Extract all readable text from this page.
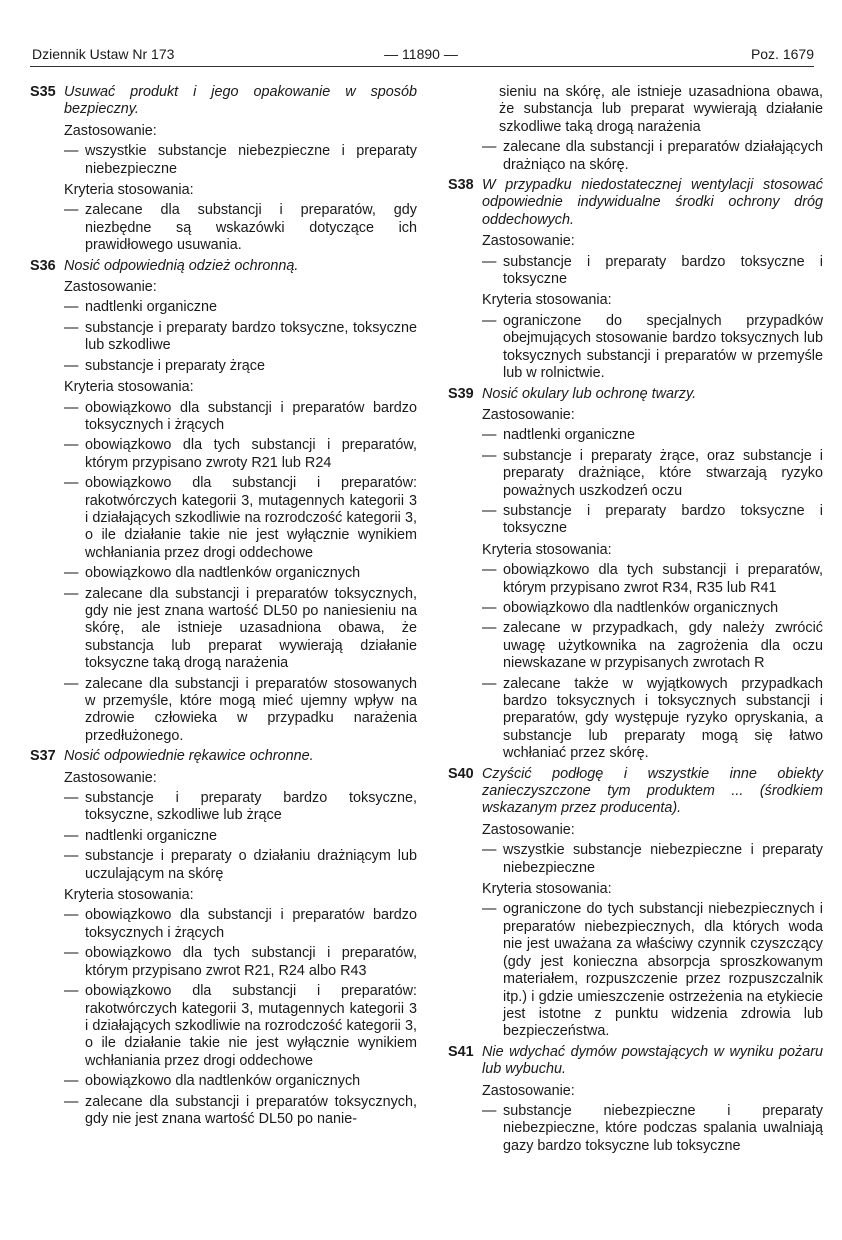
Dziennik Ustaw Nr 173	— 11890 —	Poz. 1679
S35 Usuwać produkt i jego opakowanie w sposób bezpieczny.
Zastosowanie:
— wszystkie substancje niebezpieczne i preparaty niebezpieczne
Kryteria stosowania:
— zalecane dla substancji i preparatów, gdy niezbędne są wskazówki dotyczące ich prawidłowego usuwania.
S36 Nosić odpowiednią odzież ochronną.
Zastosowanie:
— nadtlenki organiczne
— substancje i preparaty bardzo toksyczne, toksyczne lub szkodliwe
— substancje i preparaty żrące
Kryteria stosowania:
— obowiązkowo dla substancji i preparatów bardzo toksycznych i żrących
— obowiązkowo dla tych substancji i preparatów, którym przypisano zwroty R21 lub R24
— obowiązkowo dla substancji i preparatów: rakotwórczych kategorii 3, mutagennych kategorii 3 i działających szkodliwie na rozrodczość kategorii 3, o ile działanie takie nie jest wyłącznie wynikiem wchłaniania przez drogi oddechowe
— obowiązkowo dla nadtlenków organicznych
— zalecane dla substancji i preparatów toksycznych, gdy nie jest znana wartość DL50 po naniesieniu na skórę, ale istnieje uzasadniona obawa, że substancja lub preparat wywierają działanie toksyczne taką drogą narażenia
— zalecane dla substancji i preparatów stosowanych w przemyśle, które mogą mieć ujemny wpływ na zdrowie człowieka w przypadku narażenia przedłużonego.
S37 Nosić odpowiednie rękawice ochronne.
Zastosowanie:
— substancje i preparaty bardzo toksyczne, toksyczne, szkodliwe lub żrące
— nadtlenki organiczne
— substancje i preparaty o działaniu drażniącym lub uczulającym na skórę
Kryteria stosowania:
— obowiązkowo dla substancji i preparatów bardzo toksycznych i żrących
— obowiązkowo dla tych substancji i preparatów, którym przypisano zwrot R21, R24 albo R43
— obowiązkowo dla substancji i preparatów: rakotwórczych kategorii 3, mutagennych kategorii 3 i działających szkodliwie na rozrodczość kategorii 3, o ile działanie takie nie jest wyłącznie wynikiem wchłaniania przez drogi oddechowe
— obowiązkowo dla nadtlenków organicznych
— zalecane dla substancji i preparatów toksycznych, gdy nie jest znana wartość DL50 po nanie-
sieniu na skórę, ale istnieje uzasadniona obawa, że substancja lub preparat wywierają działanie szkodliwe taką drogą narażenia
— zalecane dla substancji i preparatów działających drażniąco na skórę.
S38 W przypadku niedostatecznej wentylacji stosować odpowiednie indywidualne środki ochrony dróg oddechowych.
Zastosowanie:
— substancje i preparaty bardzo toksyczne i toksyczne
Kryteria stosowania:
— ograniczone do specjalnych przypadków obejmujących stosowanie bardzo toksycznych lub toksycznych substancji i preparatów w przemyśle lub w rolnictwie.
S39 Nosić okulary lub ochronę twarzy.
Zastosowanie:
— nadtlenki organiczne
— substancje i preparaty żrące, oraz substancje i preparaty drażniące, które stwarzają ryzyko poważnych uszkodzeń oczu
— substancje i preparaty bardzo toksyczne i toksyczne
Kryteria stosowania:
— obowiązkowo dla tych substancji i preparatów, którym przypisano zwrot R34, R35 lub R41
— obowiązkowo dla nadtlenków organicznych
— zalecane w przypadkach, gdy należy zwrócić uwagę użytkownika na zagrożenia dla oczu niewskazane w przypisanych zwrotach R
— zalecane także w wyjątkowych przypadkach bardzo toksycznych i toksycznych substancji i preparatów, gdy występuje ryzyko opryskania, a substancje lub preparaty mogą się łatwo wchłaniać przez skórę.
S40 Czyścić podłogę i wszystkie inne obiekty zanieczyszczone tym produktem ... (środkiem wskazanym przez producenta).
Zastosowanie:
— wszystkie substancje niebezpieczne i preparaty niebezpieczne
Kryteria stosowania:
— ograniczone do tych substancji niebezpiecznych i preparatów niebezpiecznych, dla których woda nie jest uważana za właściwy czynnik czyszczący (gdy jest konieczna absorpcja sproszkowanym materiałem, rozpuszczenie przez rozpuszczalnik itp.) i gdzie umieszczenie ostrzeżenia na etykiecie jest istotne z punktu widzenia zdrowia lub bezpieczeństwa.
S41 Nie wdychać dymów powstających w wyniku pożaru lub wybuchu.
Zastosowanie:
— substancje niebezpieczne i preparaty niebezpieczne, które podczas spalania uwalniają gazy bardzo toksyczne lub toksyczne
